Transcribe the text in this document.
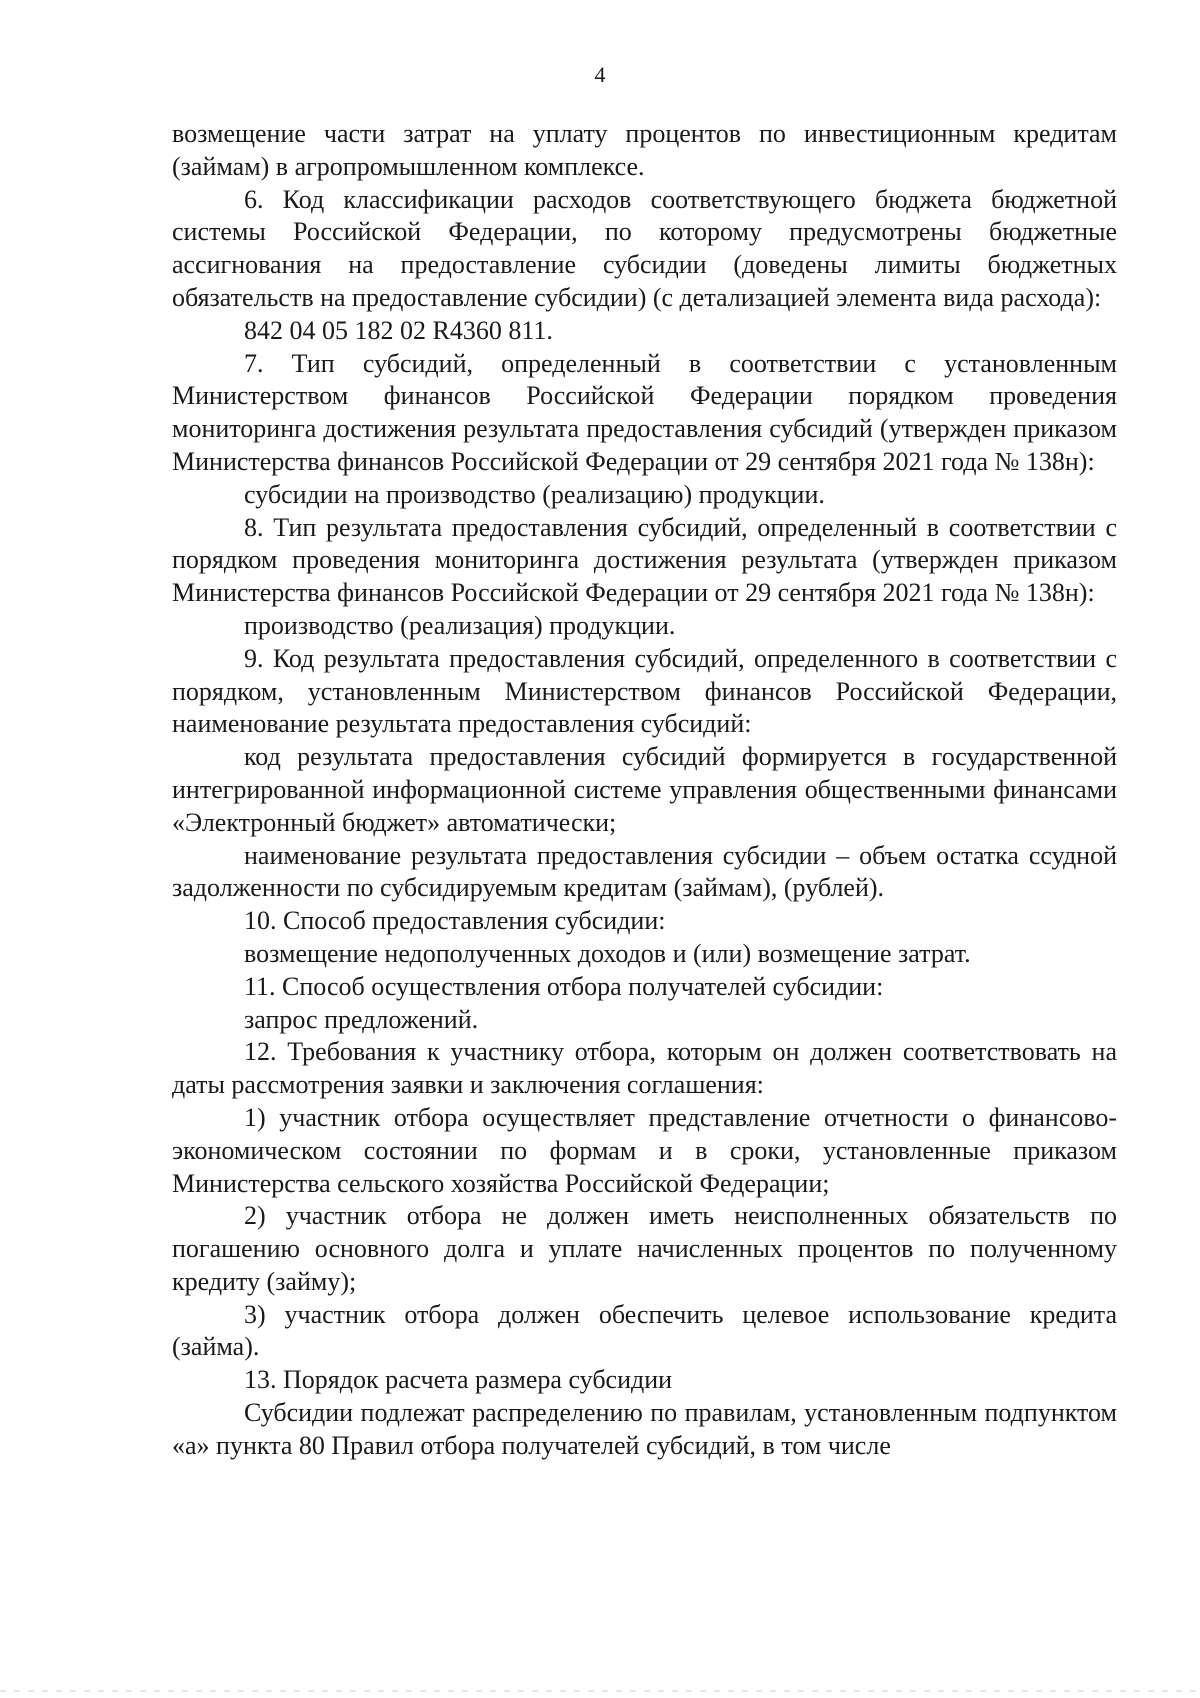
4

возмещение части затрат на уплату процентов по инвестиционным кредитам (займам) в агропромышленном комплексе.

6. Код классификации расходов соответствующего бюджета бюджетной системы Российской Федерации, по которому предусмотрены бюджетные ассигнования на предоставление субсидии (доведены лимиты бюджетных обязательств на предоставление субсидии) (с детализацией элемента вида расхода):

842 04 05 182 02 R4360 811.

7. Тип субсидий, определенный в соответствии с установленным Министерством финансов Российской Федерации порядком проведения мониторинга достижения результата предоставления субсидий (утвержден приказом Министерства финансов Российской Федерации от 29 сентября 2021 года № 138н):

субсидии на производство (реализацию) продукции.

8. Тип результата предоставления субсидий, определенный в соответствии с порядком проведения мониторинга достижения результата (утвержден приказом Министерства финансов Российской Федерации от 29 сентября 2021 года № 138н):

производство (реализация) продукции.

9. Код результата предоставления субсидий, определенного в соответствии с порядком, установленным Министерством финансов Российской Федерации, наименование результата предоставления субсидий:

код результата предоставления субсидий формируется в государственной интегрированной информационной системе управления общественными финансами «Электронный бюджет» автоматически;

наименование результата предоставления субсидии – объем остатка ссудной задолженности по субсидируемым кредитам (займам), (рублей).

10. Способ предоставления субсидии:

возмещение недополученных доходов и (или) возмещение затрат.

11. Способ осуществления отбора получателей субсидии:

запрос предложений.

12. Требования к участнику отбора, которым он должен соответствовать на даты рассмотрения заявки и заключения соглашения:

1) участник отбора осуществляет представление отчетности о финансово-экономическом состоянии по формам и в сроки, установленные приказом Министерства сельского хозяйства Российской Федерации;

2) участник отбора не должен иметь неисполненных обязательств по погашению основного долга и уплате начисленных процентов по полученному кредиту (займу);

3) участник отбора должен обеспечить целевое использование кредита (займа).

13. Порядок расчета размера субсидии

Субсидии подлежат распределению по правилам, установленным подпунктом «а» пункта 80 Правил отбора получателей субсидий, в том числе
